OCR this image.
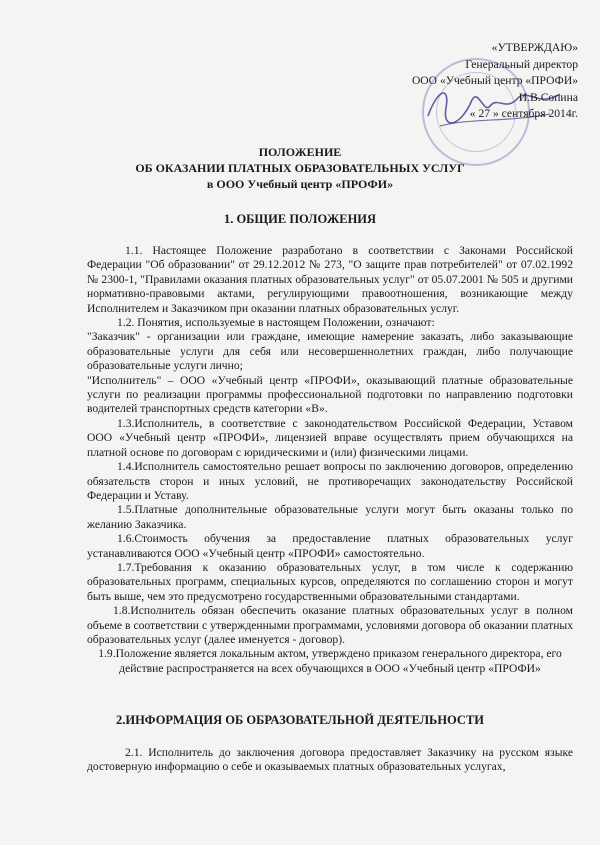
«УТВЕРЖДАЮ»
Генеральный директор
ООО «Учебный центр «ПРОФИ»
И.В.Сопина
« 27 » сентября 2014г.
ПОЛОЖЕНИЕ
ОБ ОКАЗАНИИ ПЛАТНЫХ ОБРАЗОВАТЕЛЬНЫХ УСЛУГ
в ООО Учебный центр «ПРОФИ»
1. ОБЩИЕ ПОЛОЖЕНИЯ

1.1. Настоящее Положение разработано в соответствии с Законами Российской Федерации "Об образовании" от 29.12.2012 № 273, "О защите прав потребителей" от 07.02.1992 № 2300-1, "Правилами оказания платных образовательных услуг" от 05.07.2001 № 505 и другими нормативно-правовыми актами, регулирующими правоотношения, возникающие между Исполнителем и Заказчиком при оказании платных образовательных услуг.

1.2. Понятия, используемые в настоящем Положении, означают:

"Заказчик" - организации или граждане, имеющие намерение заказать, либо заказывающие образовательные услуги для себя или несовершеннолетних граждан, либо получающие образовательные услуги лично;

"Исполнитель" – ООО «Учебный центр «ПРОФИ», оказывающий платные образовательные услуги по реализации программы профессиональной подготовки по направлению подготовки водителей транспортных средств категории «В».

1.3.Исполнитель, в соответствие с законодательством Российской Федерации, Уставом ООО «Учебный центр «ПРОФИ», лицензией вправе осуществлять прием обучающихся на платной основе по договорам с юридическими и (или) физическими лицами.

1.4.Исполнитель самостоятельно решает вопросы по заключению договоров, определению обязательств сторон и иных условий, не противоречащих законодательству Российской Федерации и Уставу.

1.5.Платные дополнительные образовательные услуги могут быть оказаны только по желанию Заказчика.

1.6.Стоимость обучения за предоставление платных образовательных услуг устанавливаются ООО «Учебный центр «ПРОФИ» самостоятельно.

1.7.Требования к оказанию образовательных услуг, в том числе к содержанию образовательных программ, специальных курсов, определяются по соглашению сторон и могут быть выше, чем это предусмотрено государственными образовательными стандартами.

1.8.Исполнитель обязан обеспечить оказание платных образовательных услуг в полном объеме в соответствии с утвержденными программами, условиями договора об оказании платных образовательных услуг (далее именуется - договор).

1.9.Положение является локальным актом, утверждено приказом генерального директора, его действие распространяется на всех обучающихся в ООО «Учебный центр «ПРОФИ»

2.ИНФОРМАЦИЯ ОБ ОБРАЗОВАТЕЛЬНОЙ ДЕЯТЕЛЬНОСТИ

2.1. Исполнитель до заключения договора предоставляет Заказчику на русском языке достоверную информацию о себе и оказываемых платных образовательных услугах,
